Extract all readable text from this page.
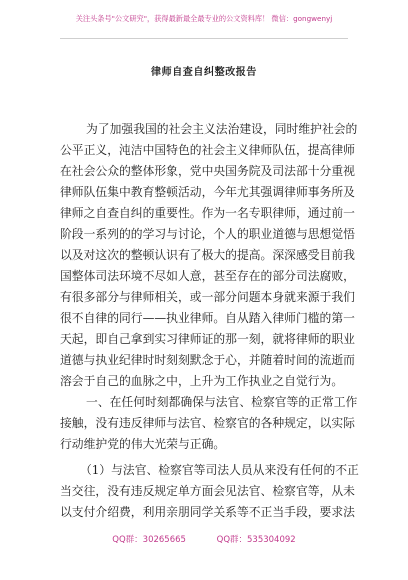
关注头条号"公文研究"，获得最新最全最专业的公文资料库！ 微信：gongwenyj
律师自查自纠整改报告
为了加强我国的社会主义法治建设，同时维护社会的
公平正义，沌洁中国特色的社会主义律师队伍，提高律师
在社会公众的整体形象，党中央国务院及司法部十分重视
律师队伍集中教育整顿活动，今年尤其强调律师事务所及
律师之自查自纠的重要性。作为一名专职律师，通过前一
阶段一系列的的学习与讨论，个人的职业道德与思想觉悟
以及对这次的整顿认识有了极大的提高。深深感受目前我
国整体司法环境不尽如人意，甚至存在的部分司法腐败，
有很多部分与律师相关，或一部分问题本身就来源于我们
很不自律的同行——执业律师。自从踏入律师门槛的第一
天起，即自己拿到实习律师证的那一刻，就将律师的职业
道德与执业纪律时时刻刻默念于心，并随着时间的流逝而
溶会于自己的血脉之中，上升为工作执业之自觉行为。
一、在任何时刻都确保与法官、检察官等的正常工作
接触，没有违反律师与法官、检察官的各种规定，以实际
行动维护党的伟大光荣与正确。
（1）与法官、检察官等司法人员从来没有任何的不正
当交往，没有违反规定单方面会见法官、检察官等，从未
以支付介绍费，利用亲朋同学关系等不正当手段，要求法
QQ群：30265665	QQ群：535304092
